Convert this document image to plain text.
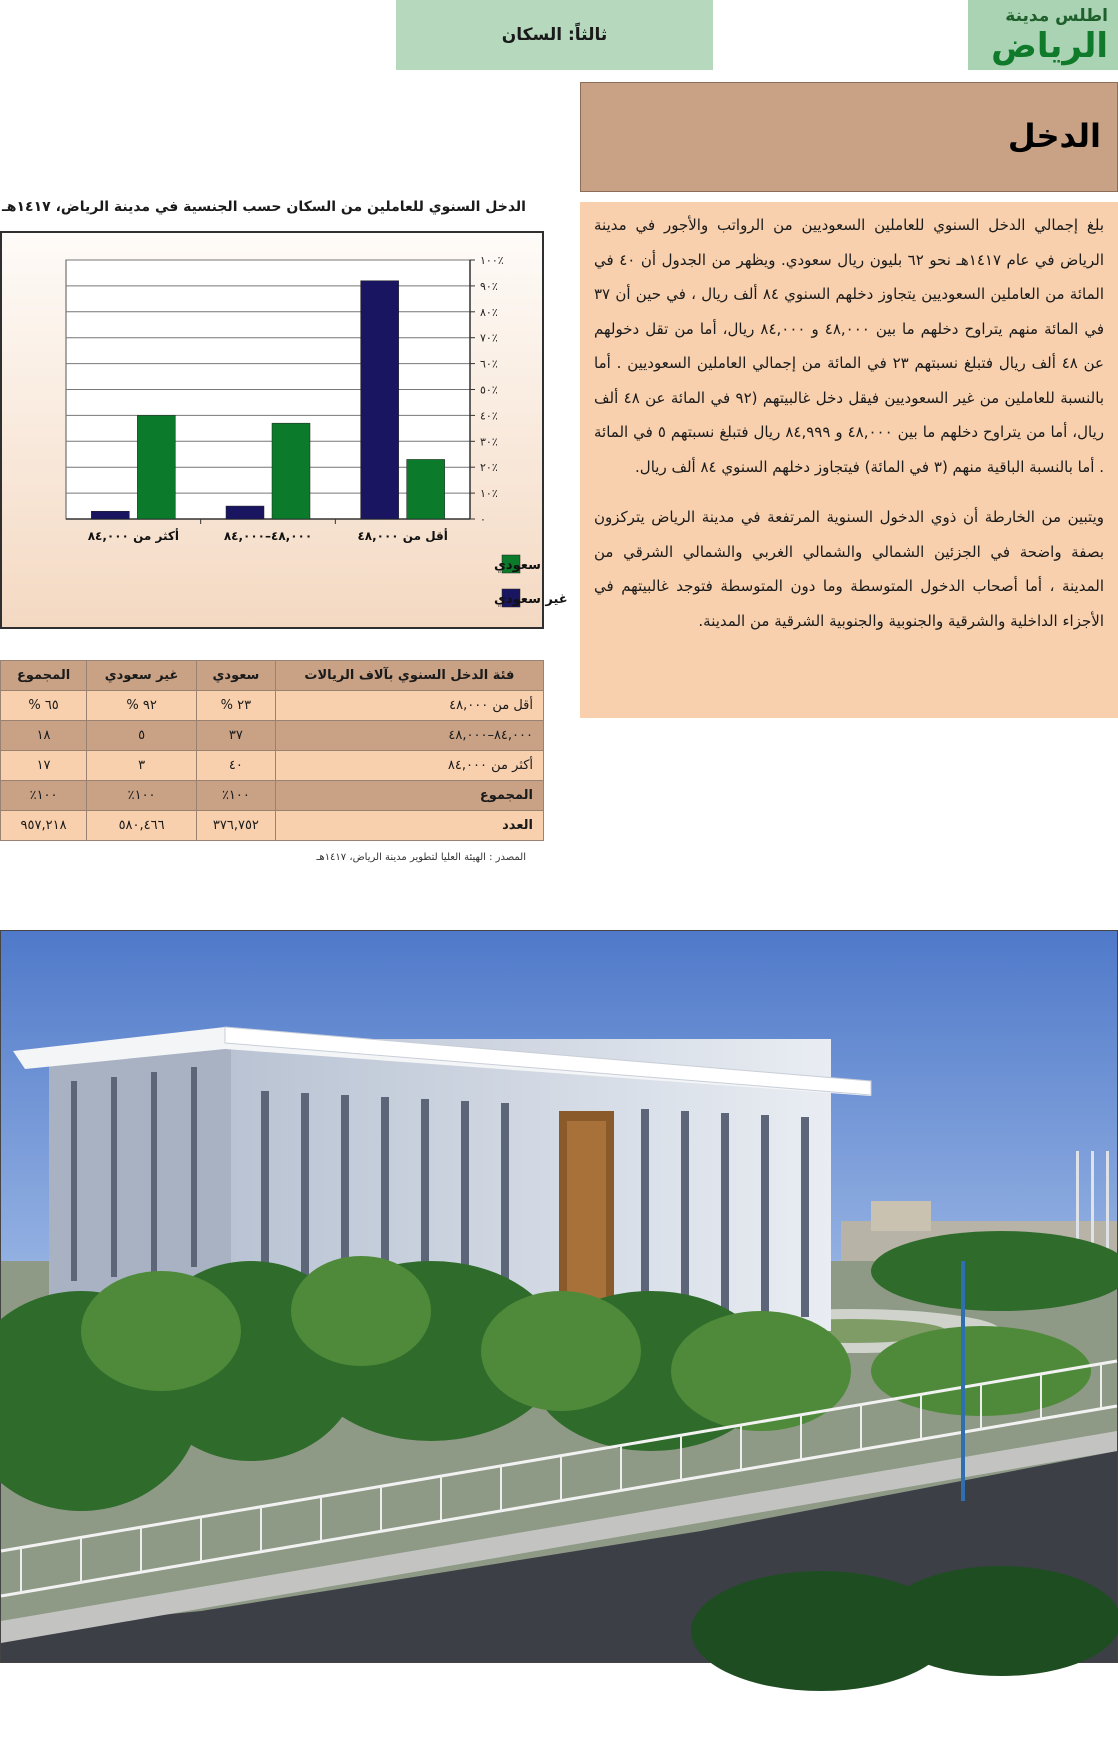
اطلس مدينة
الرياض
ثالثاً: السكان
الدخل

بلغ إجمالي الدخل السنوي للعاملين السعوديين من الرواتب والأجور في مدينة الرياض في عام ١٤١٧هـ نحو ٦٢ بليون ريال سعودي. ويظهر من الجدول أن ٤٠ في المائة من العاملين السعوديين يتجاوز دخلهم السنوي ٨٤ ألف ريال ، في حين أن ٣٧ في المائة منهم يتراوح دخلهم ما بين ٤٨,٠٠٠ و ٨٤,٠٠٠ ريال، أما من تقل دخولهم عن ٤٨ ألف ريال فتبلغ نسبتهم ٢٣ في المائة من إجمالي العاملين السعوديين . أما بالنسبة للعاملين من غير السعوديين فيقل دخل غالبيتهم (٩٢ في المائة عن ٤٨ ألف ريال، أما من يتراوح دخلهم ما بين ٤٨,٠٠٠ و ٨٤,٩٩٩ ريال فتبلغ نسبتهم ٥ في المائة . أما بالنسبة الباقية منهم (٣ في المائة) فيتجاوز دخلهم السنوي ٨٤ ألف ريال.

ويتبين من الخارطة أن ذوي الدخول السنوية المرتفعة في مدينة الرياض يتركزون بصفة واضحة في الجزئين الشمالي والشمالي الغربي والشمالي الشرقي من المدينة ، أما أصحاب الدخول المتوسطة وما دون المتوسطة فتوجد غالبيتهم في الأجزاء الداخلية والشرقية والجنوبية والجنوبية الشرقية من المدينة.

الدخل السنوي للعاملين من السكان حسب الجنسية في مدينة الرياض، ١٤١٧هـ
٠
١٠٪
٢٠٪
٣٠٪
٤٠٪
٥٠٪
٦٠٪
٧٠٪
٨٠٪
٩٠٪
١٠٠٪
أقل من ٤٨,٠٠٠
٤٨,٠٠٠–٨٤,٠٠٠
أكثر من ٨٤,٠٠٠
سعودي
غير سعودي
فئة الدخل السنوي بآلاف الريالات	سعودي	غير سعودي	المجموع
أقل من ٤٨,٠٠٠	٢٣ %	٩٢ %	٦٥ %
٨٤,٠٠٠–٤٨,٠٠٠	٣٧	٥	١٨
أكثر من ٨٤,٠٠٠	٤٠	٣	١٧
المجموع	١٠٠٪	١٠٠٪	١٠٠٪
العدد	٣٧٦,٧٥٢	٥٨٠,٤٦٦	٩٥٧,٢١٨
المصدر : الهيئة العليا لتطوير مدينة الرياض، ١٤١٧هـ
